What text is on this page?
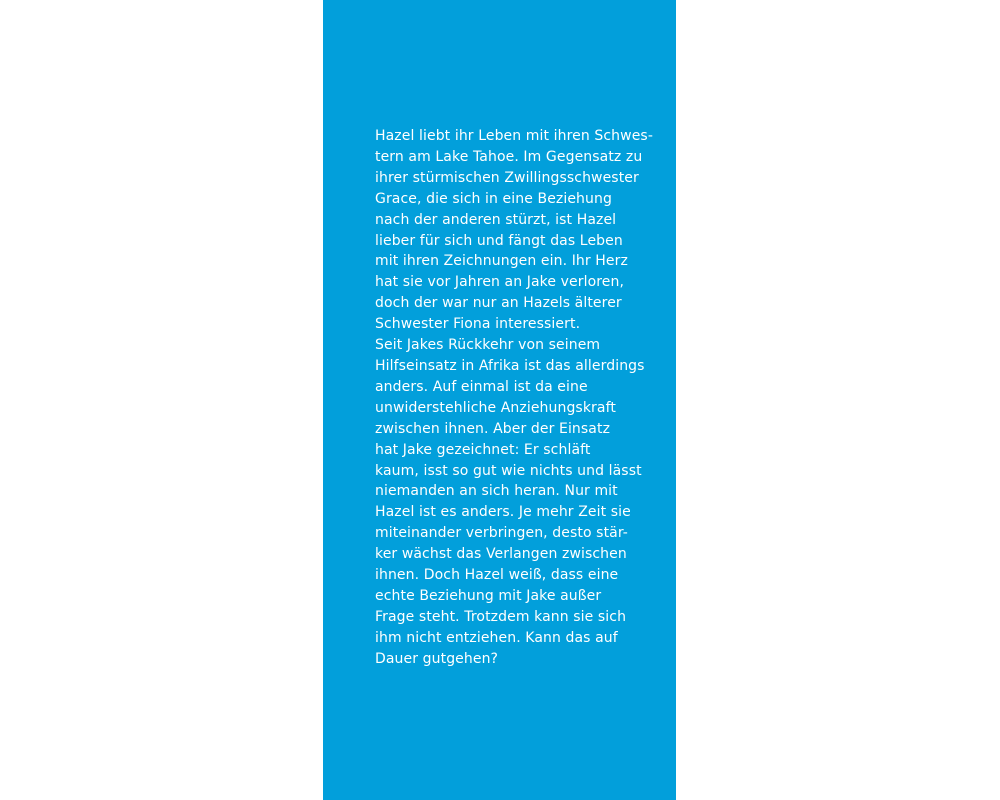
Hazel liebt ihr Leben mit ihren Schwes-
tern am Lake Tahoe. Im Gegensatz zu
ihrer stürmischen Zwillingsschwester
Grace, die sich in eine Beziehung
nach der anderen stürzt, ist Hazel
lieber für sich und fängt das Leben
mit ihren Zeichnungen ein. Ihr Herz
hat sie vor Jahren an Jake verloren,
doch der war nur an Hazels älterer
Schwester Fiona interessiert.
Seit Jakes Rückkehr von seinem
Hilfseinsatz in Afrika ist das allerdings
anders. Auf einmal ist da eine
unwiderstehliche Anziehungskraft
zwischen ihnen. Aber der Einsatz
hat Jake gezeichnet: Er schläft
kaum, isst so gut wie nichts und lässt
niemanden an sich heran. Nur mit
Hazel ist es anders. Je mehr Zeit sie
miteinander verbringen, desto stär-
ker wächst das Verlangen zwischen
ihnen. Doch Hazel weiß, dass eine
echte Beziehung mit Jake außer
Frage steht. Trotzdem kann sie sich
ihm nicht entziehen. Kann das auf
Dauer gutgehen?
